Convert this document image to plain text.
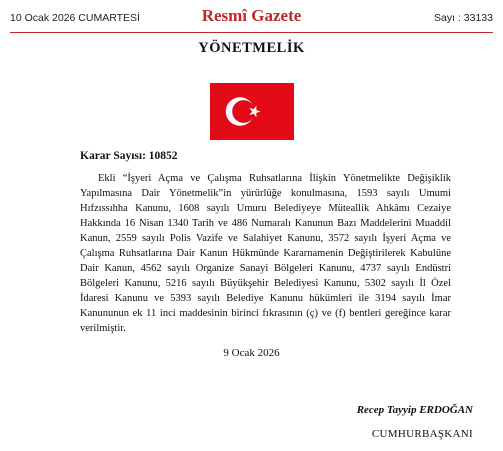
10 Ocak 2026 CUMARTESİ	Resmî Gazete	Sayı : 33133
YÖNETMELİK
Karar Sayısı: 10852

Ekli “İşyeri Açma ve Çalışma Ruhsatlarına İlişkin Yönetmelikte Değişiklik Yapılmasına Dair Yönetmelik”in yürürlüğe konulmasına, 1593 sayılı Umumi Hıfzıssıhha Kanunu, 1608 sayılı Umuru Belediyeye Müteallik Ahkâmı Cezaiye Hakkında 16 Nisan 1340 Tarih ve 486 Numaralı Kanunun Bazı Maddelerini Muaddil Kanun, 2559 sayılı Polis Vazife ve Salahiyet Kanunu, 3572 sayılı İşyeri Açma ve Çalışma Ruhsatlarına Dair Kanun Hükmünde Kararnamenin Değiştirilerek Kabulüne Dair Kanun, 4562 sayılı Organize Sanayi Bölgeleri Kanunu, 4737 sayılı Endüstri Bölgeleri Kanunu, 5216 sayılı Büyükşehir Belediyesi Kanunu, 5302 sayılı İl Özel İdaresi Kanunu ve 5393 sayılı Belediye Kanunu hükümleri ile 3194 sayılı İmar Kanununun ek 11 inci maddesinin birinci fıkrasının (ç) ve (f) bentleri gereğince karar verilmiştir.

9 Ocak 2026
Recep Tayyip ERDOĞAN
CUMHURBAŞKANI
